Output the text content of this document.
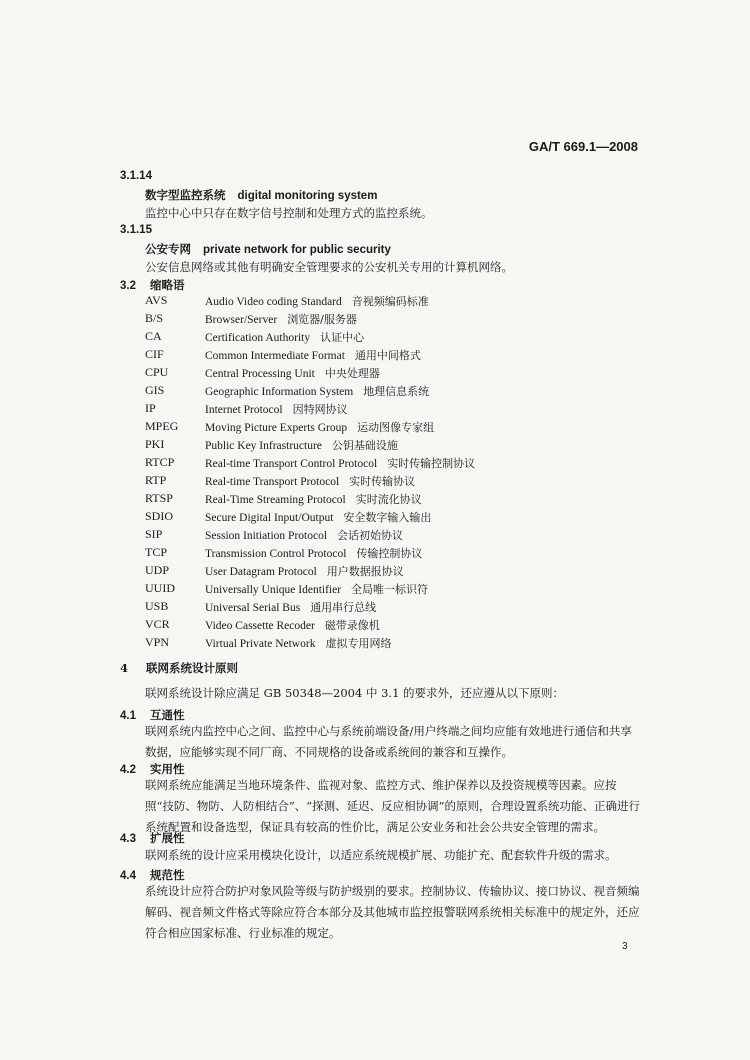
GA/T 669.1—2008
3.1.14
数字型监控系统 digital monitoring system
监控中心中只存在数字信号控制和处理方式的监控系统。
3.1.15
公安专网 private network for public security
公安信息网络或其他有明确安全管理要求的公安机关专用的计算机网络。
3.2 缩略语
AVS	Audio Video coding Standard 音视频编码标准
B/S	Browser/Server 浏览器/服务器
CA	Certification Authority 认证中心
CIF	Common Intermediate Format 通用中间格式
CPU	Central Processing Unit 中央处理器
GIS	Geographic Information System 地理信息系统
IP	Internet Protocol 因特网协议
MPEG Moving Picture Experts Group 运动图像专家组
PKI	Public Key Infrastructure 公钥基础设施
RTCP	Real-time Transport Control Protocol 实时传输控制协议
RTP	Real-time Transport Protocol 实时传输协议
RTSP	Real-Time Streaming Protocol 实时流化协议
SDIO	Secure Digital Input/Output 安全数字输入输出
SIP	Session Initiation Protocol 会话初始协议
TCP	Transmission Control Protocol 传输控制协议
UDP	User Datagram Protocol 用户数据报协议
UUID	Universally Unique Identifier 全局唯一标识符
USB	Universal Serial Bus 通用串行总线
VCR	Video Cassette Recoder 磁带录像机
VPN	Virtual Private Network 虚拟专用网络
4 联网系统设计原则
联网系统设计除应满足 GB 50348—2004 中 3.1 的要求外，还应遵从以下原则：
4.1 互通性
联网系统内监控中心之间、监控中心与系统前端设备/用户终端之间均应能有效地进行通信和共享数据，应能够实现不同厂商、不同规格的设备或系统间的兼容和互操作。
4.2 实用性
联网系统应能满足当地环境条件、监视对象、监控方式、维护保养以及投资规模等因素。应按照“技防、物防、人防相结合”、“探测、延迟、反应相协调”的原则，合理设置系统功能、正确进行系统配置和设备选型，保证具有较高的性价比，满足公安业务和社会公共安全管理的需求。
4.3 扩展性
联网系统的设计应采用模块化设计，以适应系统规模扩展、功能扩充、配套软件升级的需求。
4.4 规范性
系统设计应符合防护对象风险等级与防护级别的要求。控制协议、传输协议、接口协议、视音频编解码、视音频文件格式等除应符合本部分及其他城市监控报警联网系统相关标准中的规定外，还应符合相应国家标准、行业标准的规定。
3
